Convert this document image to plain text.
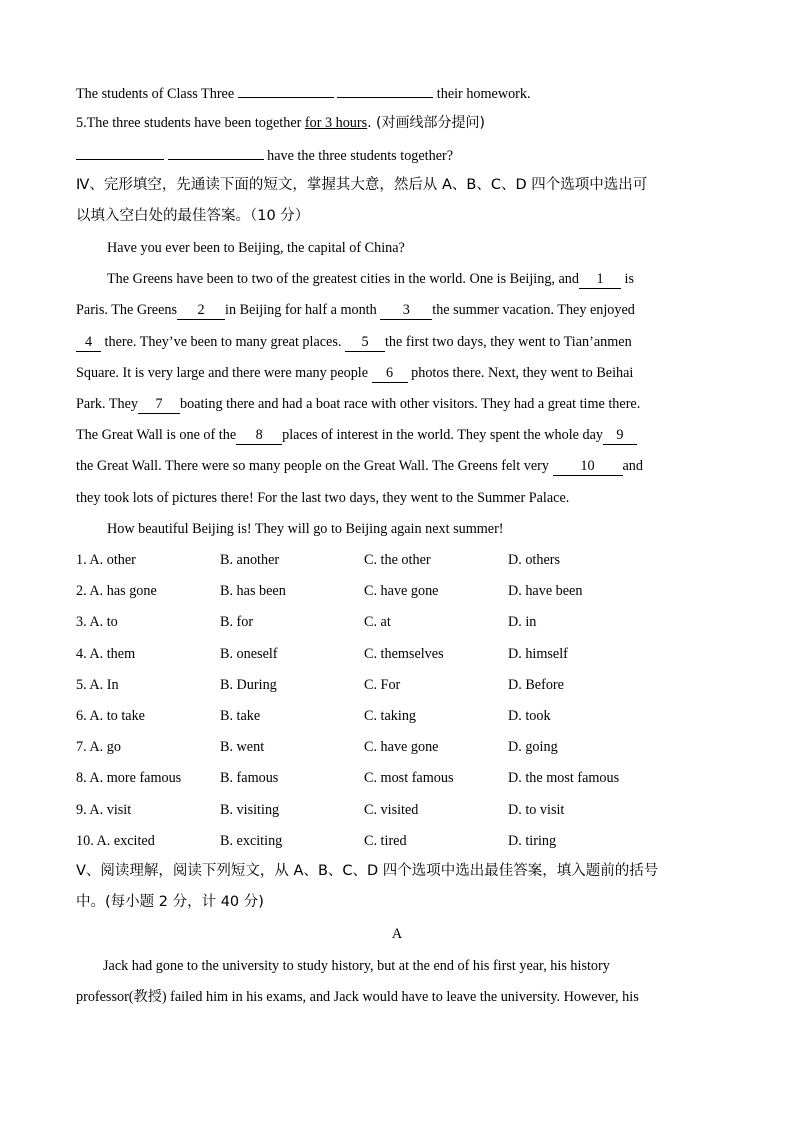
The students of Class Three	their homework.
5.The three students have been together for 3 hours. (对画线部分提问)
have the three students together?
Ⅳ、完形填空，先通读下面的短文，掌握其大意，然后从 A、B、C、D 四个选项中选出可
以填入空白处的最佳答案。（10 分）
Have you ever been to Beijing, the capital of China?
The Greens have been to two of the greatest cities in the world. One is Beijing, and 1 is
Paris. The Greens 2 in Beijing for half a month 3 the summer vacation. They enjoyed
4 there. They’ve been to many great places. 5 the first two days, they went to Tian’anmen
Square. It is very large and there were many people 6 photos there. Next, they went to Beihai
Park. They 7 boating there and had a boat race with other visitors. They had a great time there.
The Great Wall is one of the 8 places of interest in the world. They spent the whole day 9
the Great Wall. There were so many people on the Great Wall. The Greens felt very 10 and
they took lots of pictures there! For the last two days, they went to the Summer Palace.
How beautiful Beijing is! They will go to Beijing again next summer!
1. A. other	B. another	C. the other	D. others
2. A. has gone	B. has been	C. have gone	D. have been
3. A. to	B. for	C. at	D. in
4. A. them	B. oneself	C. themselves	D. himself
5. A. In	B. During	C. For	D. Before
6. A. to take	B. take	C. taking	D. took
7. A. go	B. went	C. have gone	D. going
8. A. more famous	B. famous	C. most famous	D. the most famous
9. A. visit	B. visiting	C. visited	D. to visit
10. A. excited	B. exciting	C. tired	D. tiring
Ⅴ、阅读理解，阅读下列短文，从 A、B、C、D 四个选项中选出最佳答案，填入题前的括号
中。(每小题 2 分，计 40 分)
A
Jack had gone to the university to study history, but at the end of his first year, his history
professor(教授) failed him in his exams, and Jack would have to leave the university. However, his
